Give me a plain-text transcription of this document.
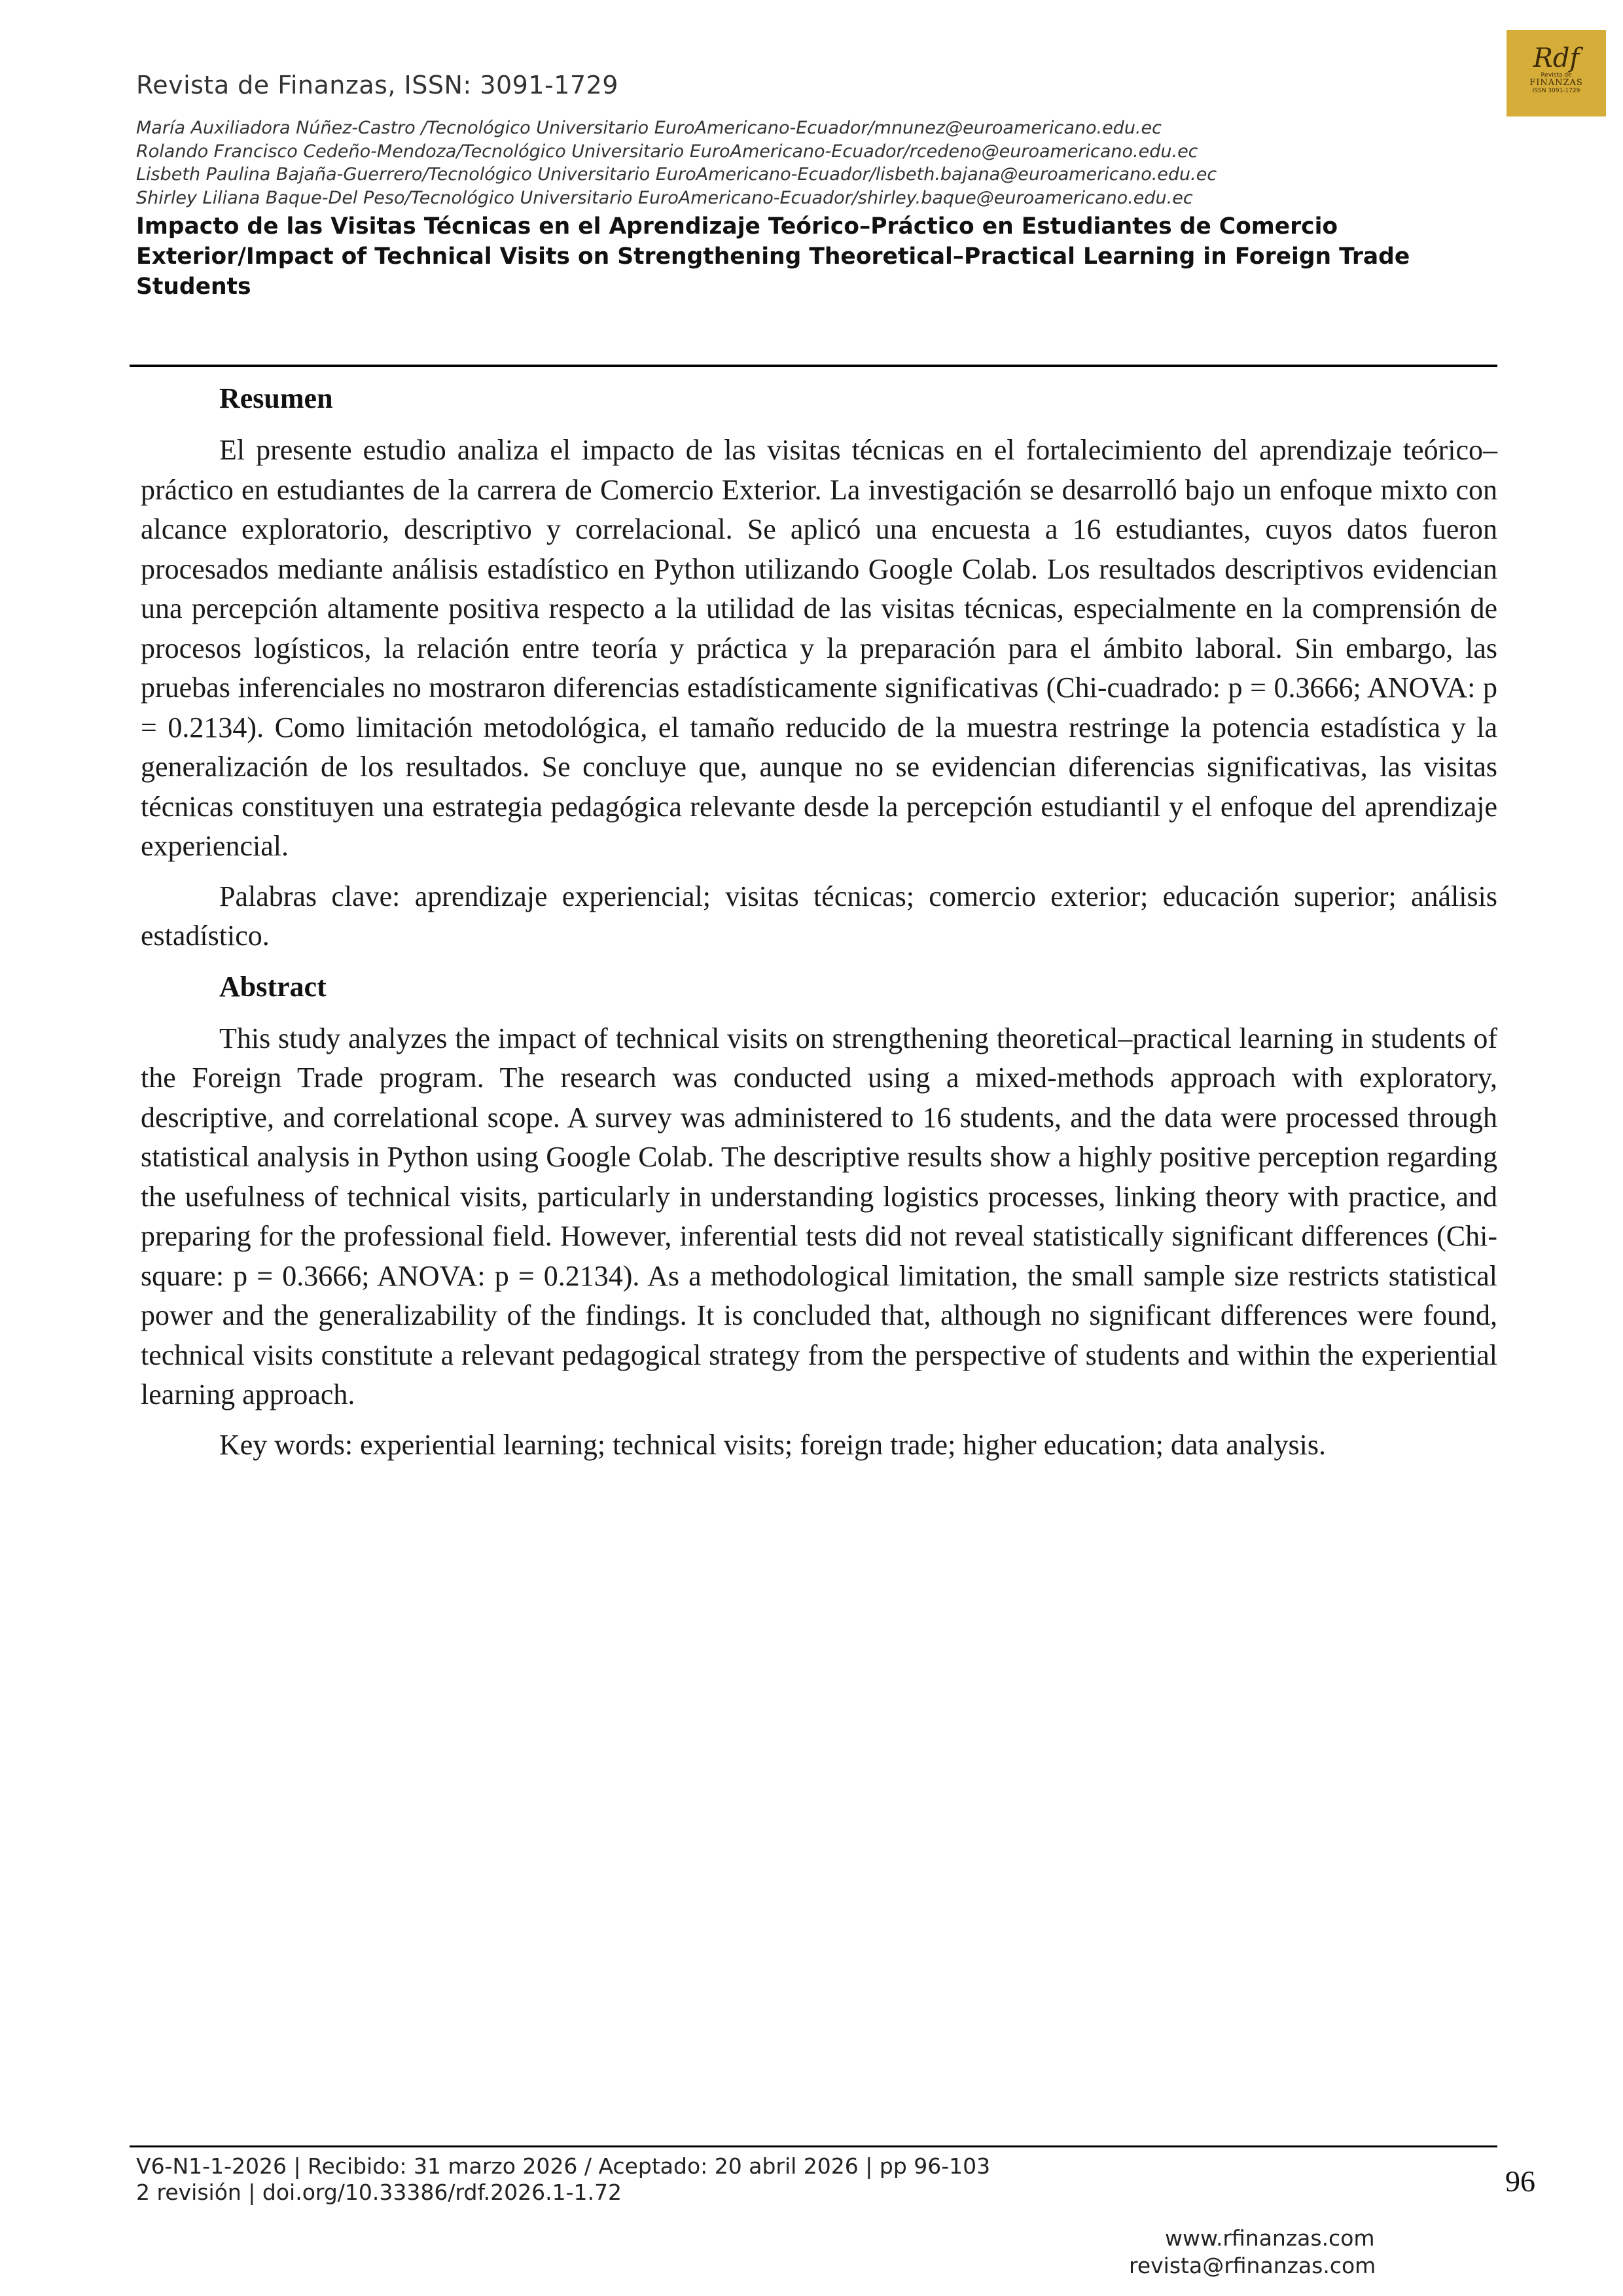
Revista de Finanzas, ISSN: 3091-1729
Rdf
Revista de
FINANZAS
ISSN 3091-1729
María Auxiliadora Núñez-Castro /Tecnológico Universitario EuroAmericano-Ecuador/mnunez@euroamericano.edu.ec
Rolando Francisco Cedeño-Mendoza/Tecnológico Universitario EuroAmericano-Ecuador/rcedeno@euroamericano.edu.ec
Lisbeth Paulina Bajaña-Guerrero/Tecnológico Universitario EuroAmericano-Ecuador/lisbeth.bajana@euroamericano.edu.ec
Shirley Liliana Baque-Del Peso/Tecnológico Universitario EuroAmericano-Ecuador/shirley.baque@euroamericano.edu.ec
Impacto de las Visitas Técnicas en el Aprendizaje Teórico–Práctico en Estudiantes de Comercio Exterior/Impact of Technical Visits on Strengthening Theoretical–Practical Learning in Foreign Trade Students

Resumen

El presente estudio analiza el impacto de las visitas técnicas en el fortalecimiento del aprendizaje teórico–práctico en estudiantes de la carrera de Comercio Exterior. La investigación se desarrolló bajo un enfoque mixto con alcance exploratorio, descriptivo y correlacional. Se aplicó una encuesta a 16 estudiantes, cuyos datos fueron procesados mediante análisis estadístico en Python utilizando Google Colab. Los resultados descriptivos evidencian una percepción altamente positiva respecto a la utilidad de las visitas técnicas, especialmente en la comprensión de procesos logísticos, la relación entre teoría y práctica y la preparación para el ámbito laboral. Sin embargo, las pruebas inferenciales no mostraron diferencias estadísticamente significativas (Chi-cuadrado: p = 0.3666; ANOVA: p = 0.2134). Como limitación metodológica, el tamaño reducido de la muestra restringe la potencia estadística y la generalización de los resultados. Se concluye que, aunque no se evidencian diferencias significativas, las visitas técnicas constituyen una estrategia pedagógica relevante desde la percepción estudiantil y el enfoque del aprendizaje experiencial.

Palabras clave: aprendizaje experiencial; visitas técnicas; comercio exterior; educación superior; análisis estadístico.

Abstract

This study analyzes the impact of technical visits on strengthening theoretical–practical learning in students of the Foreign Trade program. The research was conducted using a mixed-methods approach with exploratory, descriptive, and correlational scope. A survey was administered to 16 students, and the data were processed through statistical analysis in Python using Google Colab. The descriptive results show a highly positive perception regarding the usefulness of technical visits, particularly in understanding logistics processes, linking theory with practice, and preparing for the professional field. However, inferential tests did not reveal statistically significant differences (Chi-square: p = 0.3666; ANOVA: p = 0.2134). As a methodological limitation, the small sample size restricts statistical power and the generalizability of the findings. It is concluded that, although no significant differences were found, technical visits constitute a relevant pedagogical strategy from the perspective of students and within the experiential learning approach.

Key words: experiential learning; technical visits; foreign trade; higher education; data analysis.

V6-N1-1-2026 | Recibido: 31 marzo 2026 / Aceptado: 20 abril 2026 | pp 96-103
2 revisión | doi.org/10.33386/rdf.2026.1-1.72	96
www.rfinanzas.com
revista@rfinanzas.com
